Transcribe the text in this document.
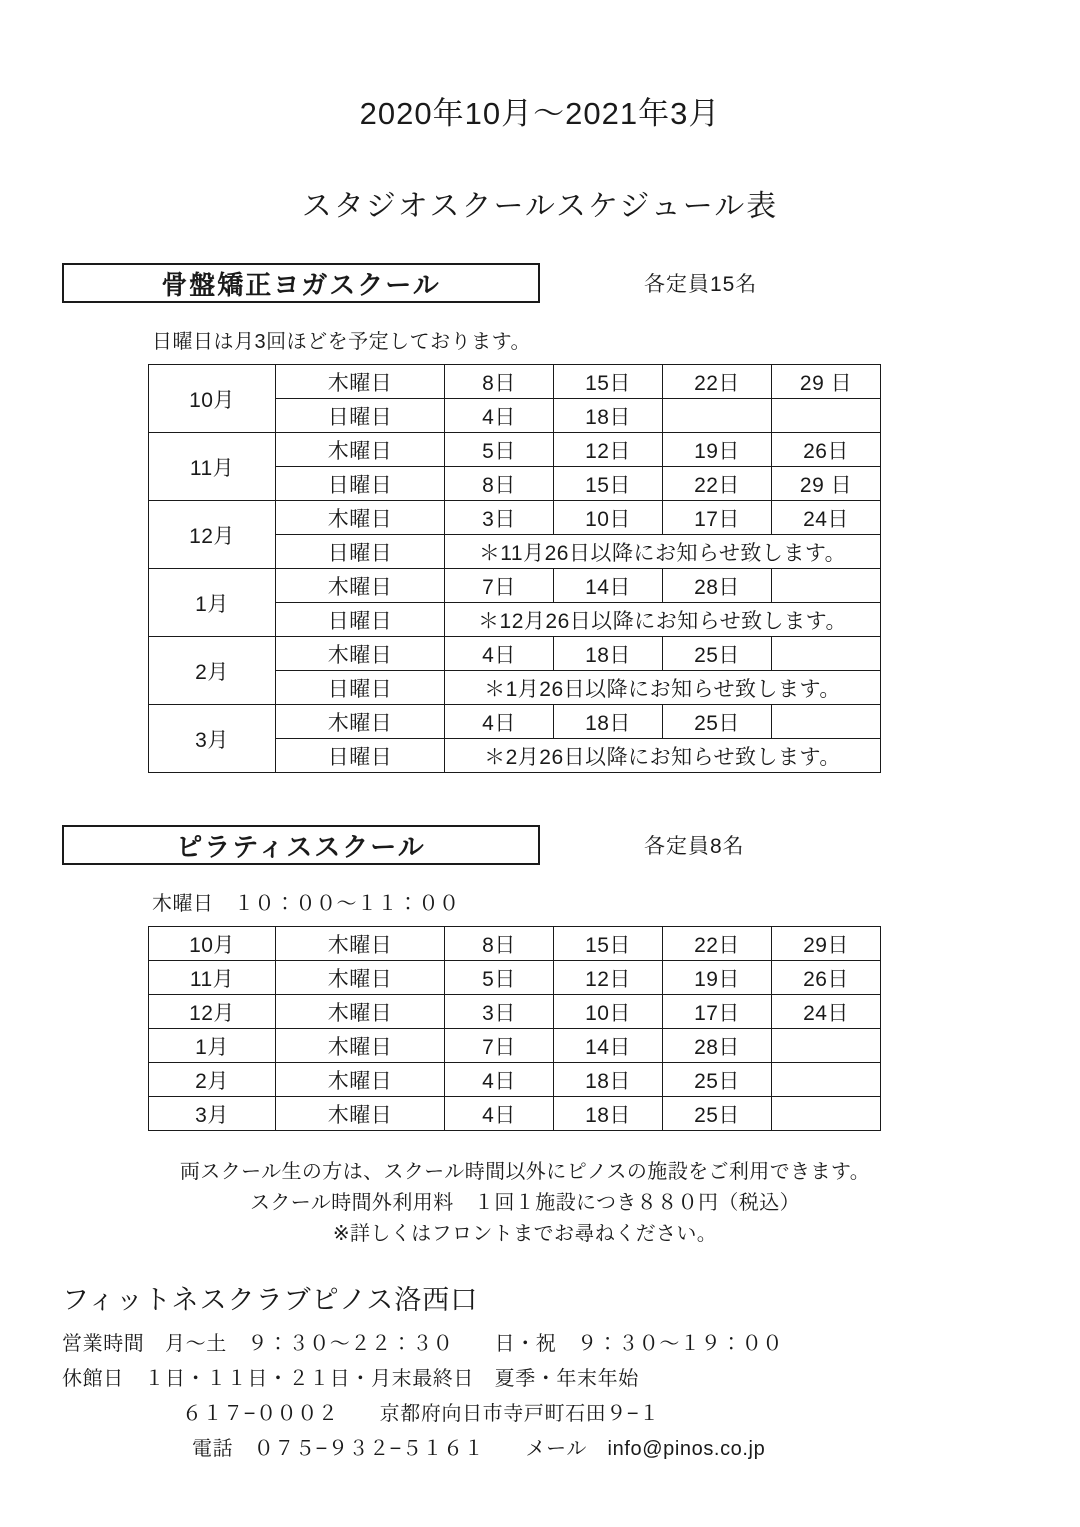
2020年10月〜2021年3月
スタジオスクールスケジュール表
骨盤矯正ヨガスクール	各定員15名
日曜日は月3回ほどを予定しております。
10月	木曜日	8日	15日	22日	29 日
	日曜日	4日	18日		
11月	木曜日	5日	12日	19日	26日
	日曜日	8日	15日	22日	29 日
12月	木曜日	3日	10日	17日	24日
	日曜日	＊11月26日以降にお知らせ致します。			
1月	木曜日	7日	14日	28日	
	日曜日	＊12月26日以降にお知らせ致します。			
2月	木曜日	4日	18日	25日	
	日曜日	＊1月26日以降にお知らせ致します。			
3月	木曜日	4日	18日	25日	
	日曜日	＊2月26日以降にお知らせ致します。			
ピラティススクール	各定員8名
木曜日　１０：００〜１１：００
10月	木曜日	8日	15日	22日	29日
11月	木曜日	5日	12日	19日	26日
12月	木曜日	3日	10日	17日	24日
1月	木曜日	7日	14日	28日	
2月	木曜日	4日	18日	25日	
3月	木曜日	4日	18日	25日	
両スクール生の方は、スクール時間以外にピノスの施設をご利用できます。
スクール時間外利用料　１回１施設につき８８０円（税込）
※詳しくはフロントまでお尋ねください。
フィットネスクラブピノス洛西口
営業時間　月〜土　９：３０〜２２：３０　　日・祝　９：３０〜１９：００
休館日　１日・１１日・２１日・月末最終日　夏季・年末年始
６１７−０００２　　京都府向日市寺戸町石田９−１
電話　０７５−９３２−５１６１　　メール　info@pinos.co.jp
